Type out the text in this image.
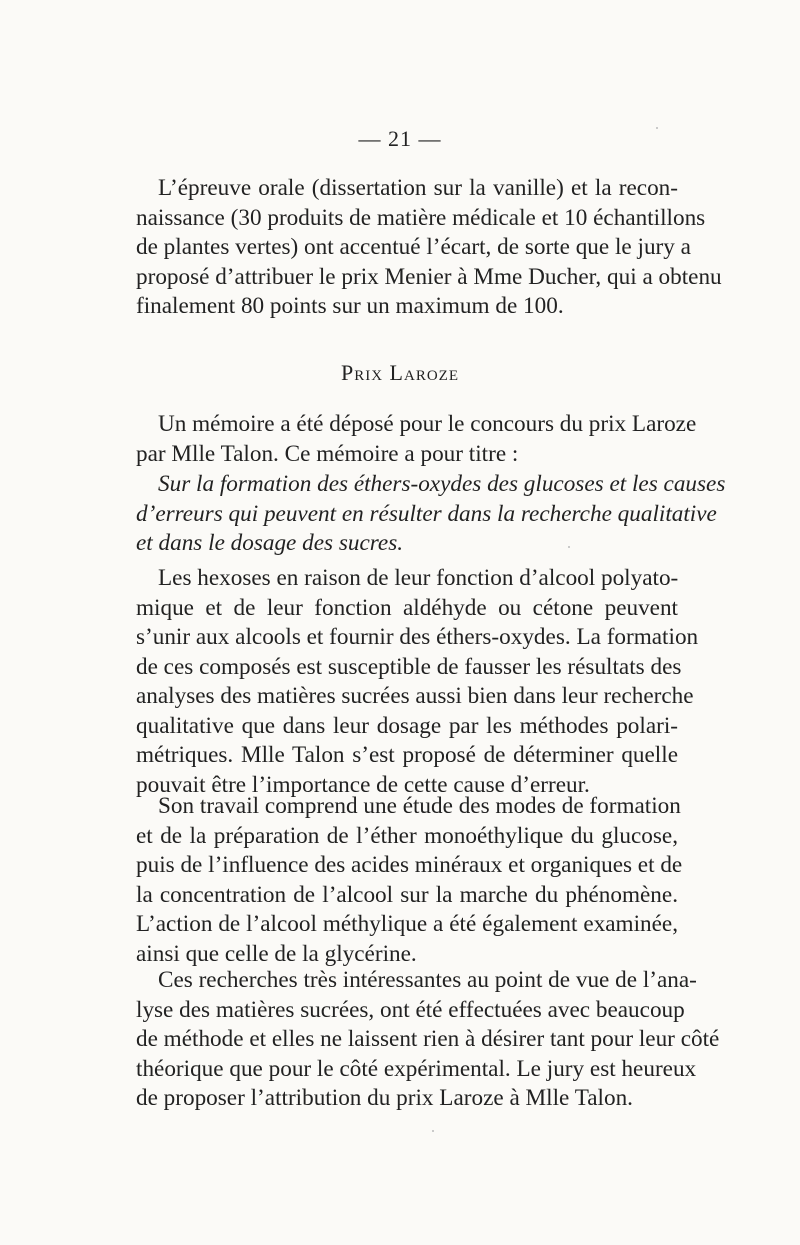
— 21 —
L’épreuve orale (dissertation sur la vanille) et la recon-
naissance (30 produits de matière médicale et 10 échantillons
de plantes vertes) ont accentué l’écart, de sorte que le jury a
proposé d’attribuer le prix Menier à Mme Ducher, qui a obtenu
finalement 80 points sur un maximum de 100.
Prix Laroze
Un mémoire a été déposé pour le concours du prix Laroze
par Mlle Talon. Ce mémoire a pour titre :
Sur la formation des éthers-oxydes des glucoses et les causes
d’erreurs qui peuvent en résulter dans la recherche qualitative
et dans le dosage des sucres.
Les hexoses en raison de leur fonction d’alcool polyato-
mique et de leur fonction aldéhyde ou cétone peuvent
s’unir aux alcools et fournir des éthers-oxydes. La formation
de ces composés est susceptible de fausser les résultats des
analyses des matières sucrées aussi bien dans leur recherche
qualitative que dans leur dosage par les méthodes polari-
métriques. Mlle Talon s’est proposé de déterminer quelle
pouvait être l’importance de cette cause d’erreur.
Son travail comprend une étude des modes de formation
et de la préparation de l’éther monoéthylique du glucose,
puis de l’influence des acides minéraux et organiques et de
la concentration de l’alcool sur la marche du phénomène.
L’action de l’alcool méthylique a été également examinée,
ainsi que celle de la glycérine.
Ces recherches très intéressantes au point de vue de l’ana-
lyse des matières sucrées, ont été effectuées avec beaucoup
de méthode et elles ne laissent rien à désirer tant pour leur côté
théorique que pour le côté expérimental. Le jury est heureux
de proposer l’attribution du prix Laroze à Mlle Talon.
